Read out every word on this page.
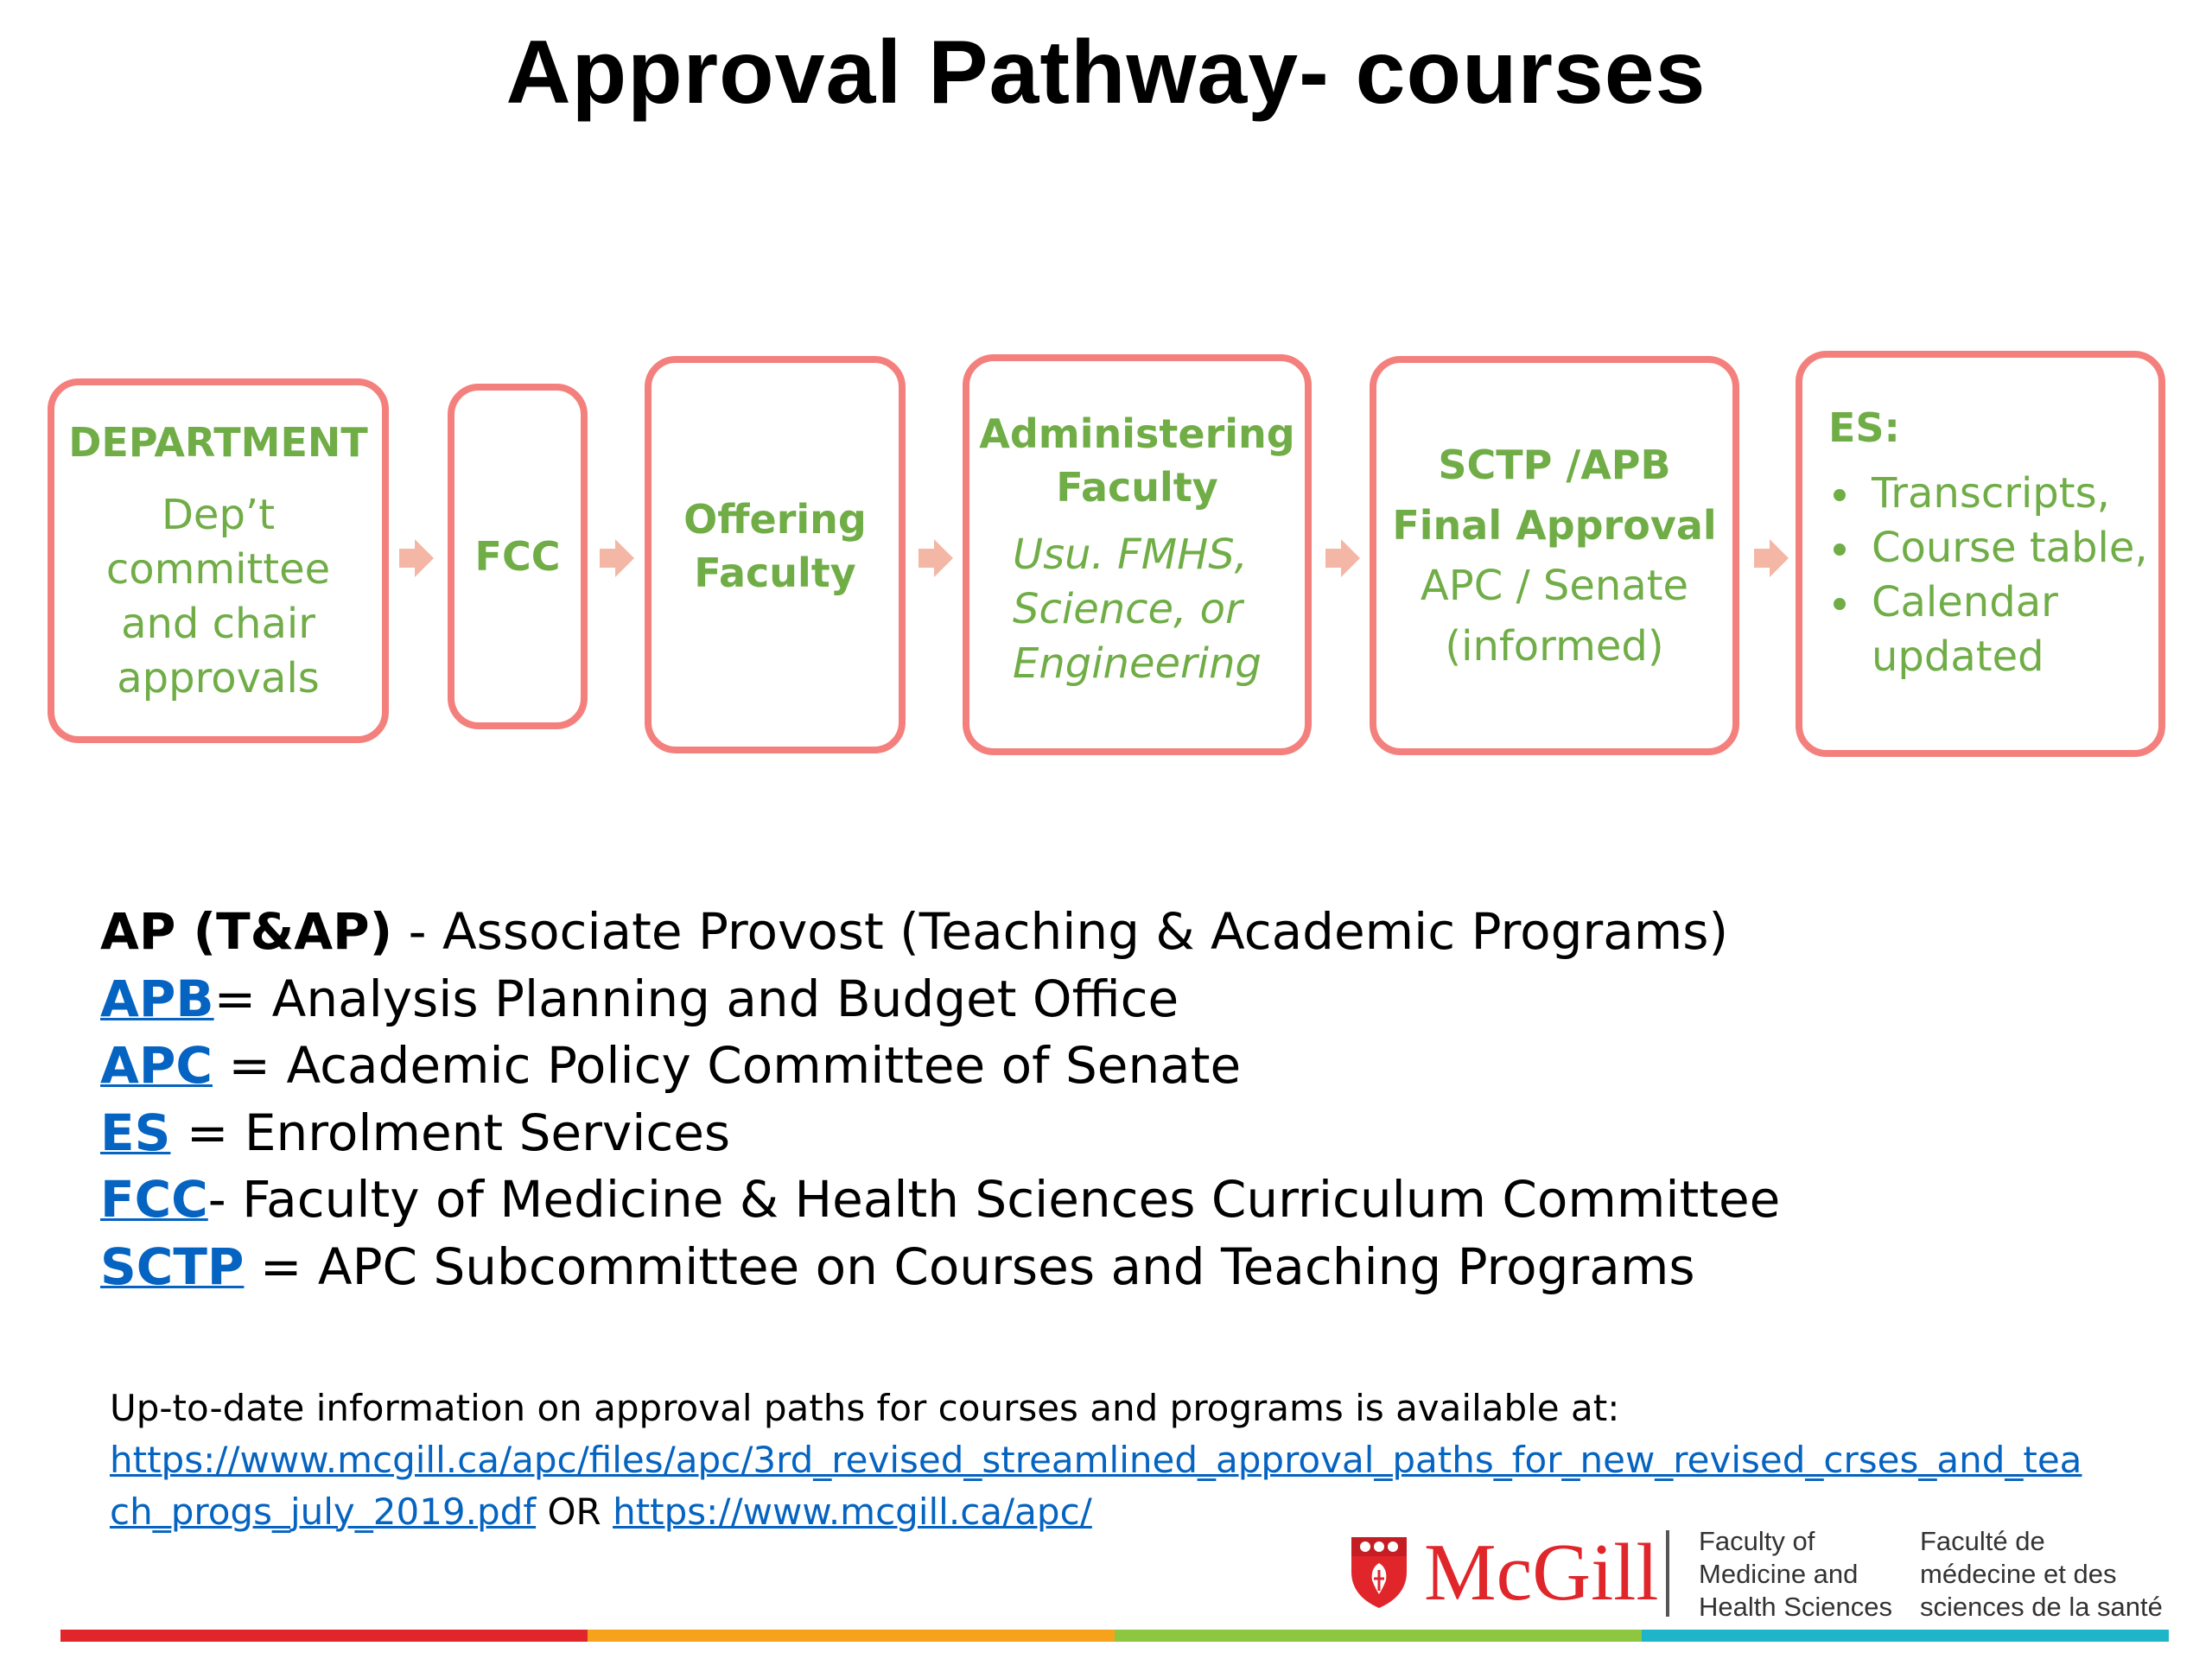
Approval Pathway- courses
DEPARTMENT
Dep’t
committee
and chair
approvals
FCC
Offering
Faculty
Administering
Faculty
Usu. FMHS,
Science, or
Engineering
SCTP /APB
Final Approval
APC / Senate
(informed)
ES:
Transcripts,
Course table,
Calendar updated
AP (T&AP) - Associate Provost (Teaching & Academic Programs)
APB= Analysis Planning and Budget Office
APC = Academic Policy Committee of Senate
ES = Enrolment Services
FCC- Faculty of Medicine & Health Sciences Curriculum Committee
SCTP = APC Subcommittee on Courses and Teaching Programs
Up-to-date information on approval paths for courses and programs is available at:
https://www.mcgill.ca/apc/files/apc/3rd_revised_streamlined_approval_paths_for_new_revised_crses_and_tea
ch_progs_july_2019.pdf OR https://www.mcgill.ca/apc/
McGill Faculty of
Medicine and
Health Sciences
Faculté de
médecine et des
sciences de la santé
